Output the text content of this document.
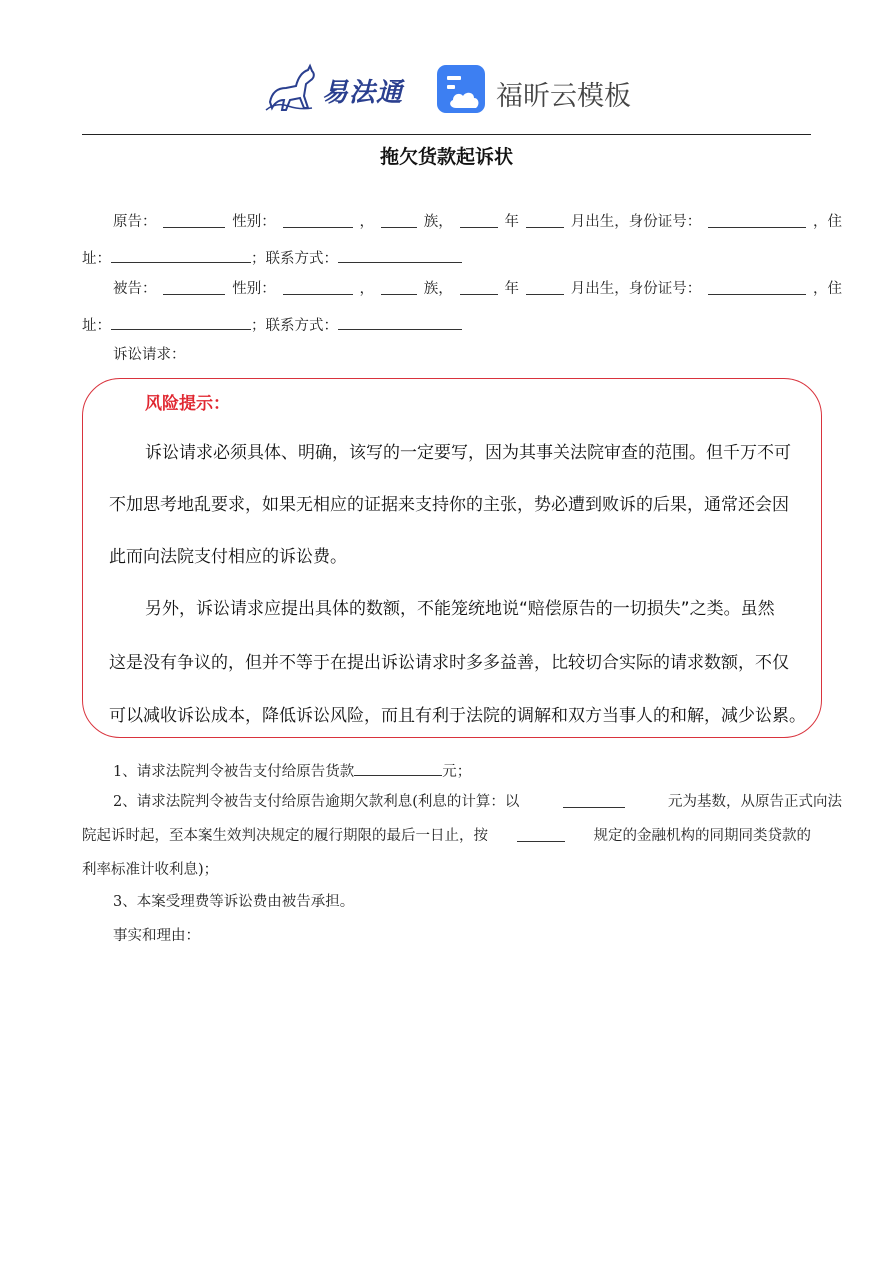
易法通	福昕云模板
拖欠货款起诉状
原告：	性别：	，	族，	年	月出生，身份证号：	，住
址：	；联系方式：
被告：	性别：	，	族，	年	月出生，身份证号：	，住
址：	；联系方式：
诉讼请求：
风险提示：
诉讼请求必须具体、明确，该写的一定要写，因为其事关法院审查的范围。但千万不可
不加思考地乱要求，如果无相应的证据来支持你的主张，势必遭到败诉的后果，通常还会因
此而向法院支付相应的诉讼费。
另外，诉讼请求应提出具体的数额，不能笼统地说“赔偿原告的一切损失”之类。虽然
这是没有争议的，但并不等于在提出诉讼请求时多多益善，比较切合实际的请求数额，不仅
可以减收诉讼成本，降低诉讼风险，而且有利于法院的调解和双方当事人的和解，减少讼累。
1、请求法院判令被告支付给原告货款	元；
2、请求法院判令被告支付给原告逾期欠款利息(利息的计算：以	元为基数，从原告正式向法
院起诉时起，至本案生效判决规定的履行期限的最后一日止，按	规定的金融机构的同期同类贷款的
利率标准计收利息)；
3、本案受理费等诉讼费由被告承担。
事实和理由：
